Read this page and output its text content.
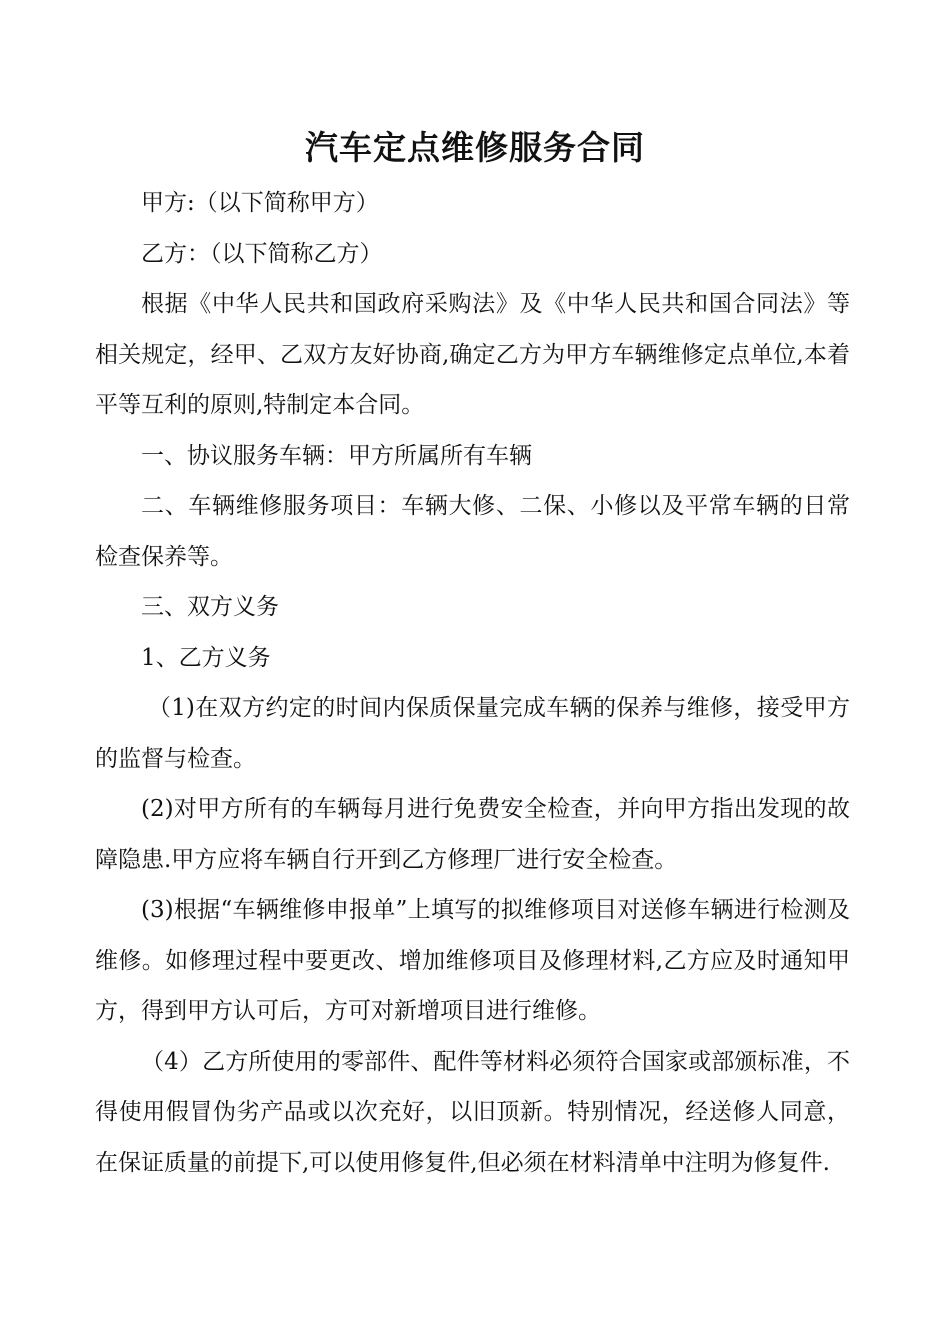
汽车定点维修服务合同

甲方:（以下简称甲方）

乙方：（以下简称乙方）

根据《中华人民共和国政府采购法》及《中华人民共和国合同法》等相关规定，经甲、乙双方友好协商,确定乙方为甲方车辆维修定点单位,本着平等互利的原则,特制定本合同。

一、协议服务车辆：甲方所属所有车辆

二、车辆维修服务项目：车辆大修、二保、小修以及平常车辆的日常检查保养等。

三、双方义务

1、乙方义务

（1)在双方约定的时间内保质保量完成车辆的保养与维修，接受甲方的监督与检查。

(2)对甲方所有的车辆每月进行免费安全检查，并向甲方指出发现的故障隐患.甲方应将车辆自行开到乙方修理厂进行安全检查。

(3)根据“车辆维修申报单”上填写的拟维修项目对送修车辆进行检测及维修。如修理过程中要更改、增加维修项目及修理材料,乙方应及时通知甲方，得到甲方认可后，方可对新增项目进行维修。

（4）乙方所使用的零部件、配件等材料必须符合国家或部颁标准，不得使用假冒伪劣产品或以次充好，以旧顶新。特别情况，经送修人同意，在保证质量的前提下,可以使用修复件,但必须在材料清单中注明为修复件.
